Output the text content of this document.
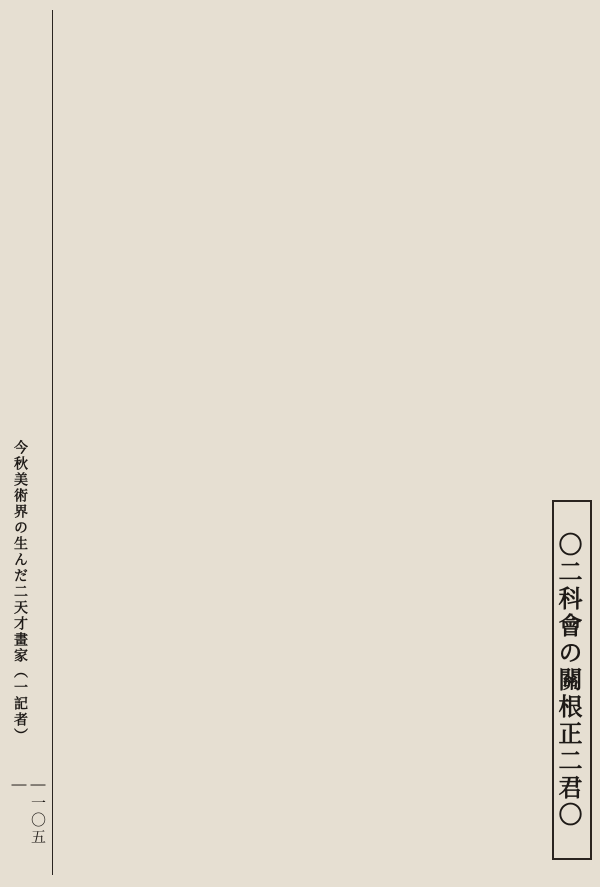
〇二科會の關根正二君〇
今秋美術界の生んだ二天才畫家（一記者）
―一〇五―
